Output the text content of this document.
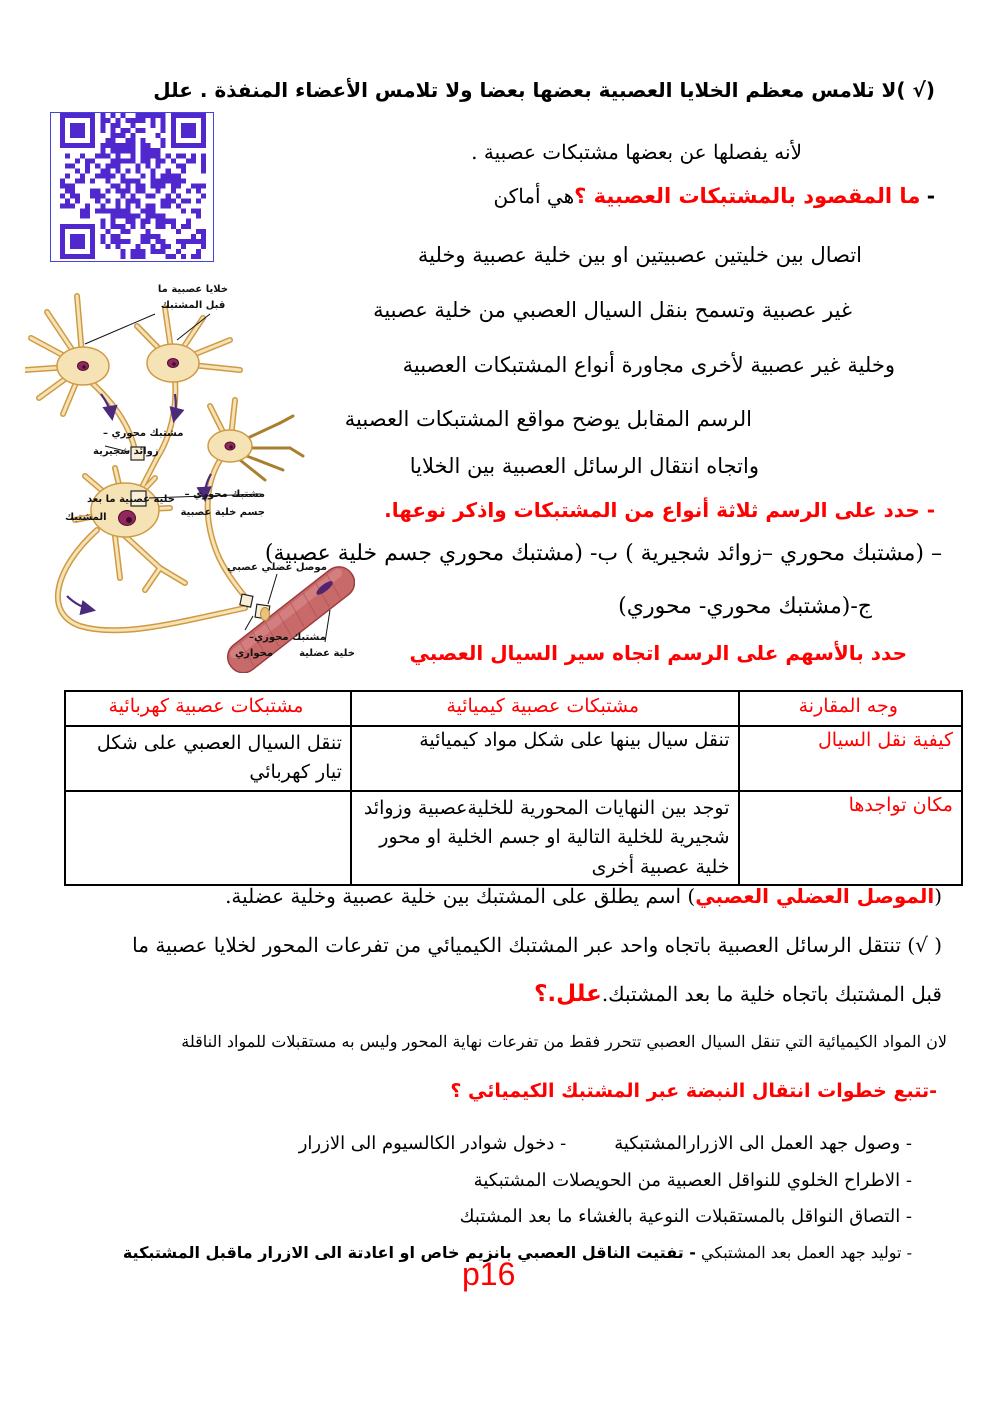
خلايا عصبية ما
قبل المشتبك
مشتبك محوري –
زوائد شجيرية
خلية عصبية ما بعد
المشتبك
مشتبك محوري –
جسم خلية عصبية
موصل عضلي عصبي
مشتبك محوري–
محواري	خلية عضلية
(√ )لا تلامس معظم الخلايا العصبية بعضها بعضا ولا تلامس الأعضاء المنفذة . علل
لأنه يفصلها عن بعضها مشتبكات عصبية .
- ما المقصود بالمشتبكات العصبية ؟هي أماكن
اتصال بين خليتين عصبيتين او بين خلية عصبية وخلية
غير عصبية وتسمح بنقل السيال العصبي من خلية عصبية
وخلية غير عصبية لأخرى مجاورة أنواع المشتبكات العصبية
الرسم المقابل يوضح مواقع المشتبكات العصبية
واتجاه انتقال الرسائل العصبية بين الخلايا
- حدد على الرسم ثلاثة أنواع من المشتبكات واذكر نوعها.
– (مشتبك محوري –زوائد شجيرية ) ب- (مشتبك محوري جسم خلية عصبية)
ج-(مشتبك محوري- محوري)
حدد بالأسهم على الرسم اتجاه سير السيال العصبي
وجه المقارنة	مشتبكات عصبية كيميائية	مشتبكات عصبية كهربائية
كيفية نقل السيال	تنقل سيال بينها على شكل مواد كيميائية	تنقل السيال العصبي على شكل تيار كهربائي
مكان تواجدها	توجد بين النهايات المحورية للخليةعصبية وزوائد شجيرية للخلية التالية او جسم الخلية او محور خلية عصبية أخرى	
(الموصل العضلي العصبي) اسم يطلق على المشتبك بين خلية عصبية وخلية عضلية.
( √) تنتقل الرسائل العصبية باتجاه واحد عبر المشتبك الكيميائي من تفرعات المحور لخلايا عصبية ما
قبل المشتبك باتجاه خلية ما بعد المشتبك.علل.؟
لان المواد الكيميائية التي تنقل السيال العصبي تتحرر فقط من تفرعات نهاية المحور وليس به مستقبلات للمواد الناقلة
-تتبع خطوات انتقال النبضة عبر المشتبك الكيميائي ؟
- وصول جهد العمل الى الازرارالمشتبكية- دخول شوادر الكالسيوم الى الازرار
- الاطراح الخلوي للنواقل العصبية من الحويصلات المشتبكية
- التصاق النواقل بالمستقبلات النوعية بالغشاء ما بعد المشتبك
- توليد جهد العمل بعد المشتبكي - تفتيت الناقل العصبي بانزيم خاص او اعادتة الى الازرار ماقبل المشتبكية
p16
